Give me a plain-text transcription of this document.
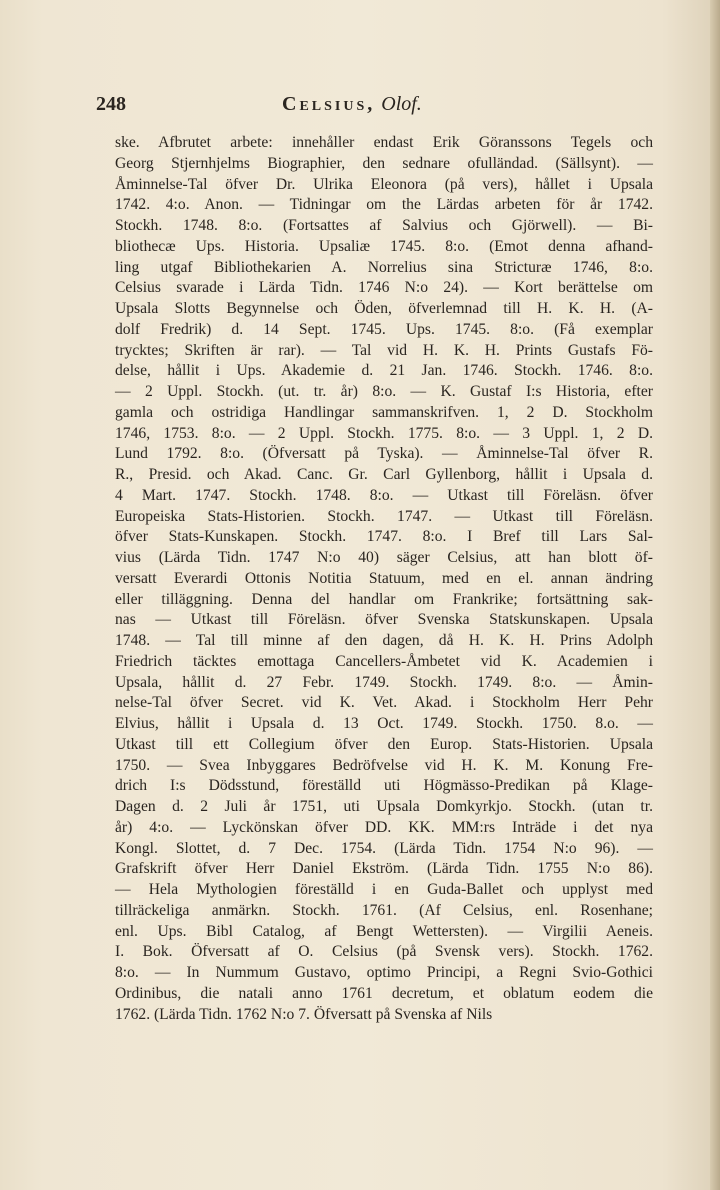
248	Celsius, Olof.
ske. Afbrutet arbete: innehåller endast Erik Göranssons Tegels och
Georg Stjernhjelms Biographier, den sednare ofulländad. (Sällsynt). —
Åminnelse-Tal öfver Dr. Ulrika Eleonora (på vers), hållet i Upsala
1742. 4:o. Anon. — Tidningar om the Lärdas arbeten för år 1742.
Stockh. 1748. 8:o. (Fortsattes af Salvius och Gjörwell). — Bi-
bliothecæ Ups. Historia. Upsaliæ 1745. 8:o. (Emot denna afhand-
ling utgaf Bibliothekarien A. Norrelius sina Stricturæ 1746, 8:o.
Celsius svarade i Lärda Tidn. 1746 N:o 24). — Kort berättelse om
Upsala Slotts Begynnelse och Öden, öfverlemnad till H. K. H. (A-
dolf Fredrik) d. 14 Sept. 1745. Ups. 1745. 8:o. (Få exemplar
trycktes; Skriften är rar). — Tal vid H. K. H. Prints Gustafs Fö-
delse, hållit i Ups. Akademie d. 21 Jan. 1746. Stockh. 1746. 8:o.
— 2 Uppl. Stockh. (ut. tr. år) 8:o. — K. Gustaf I:s Historia, efter
gamla och ostridiga Handlingar sammanskrifven. 1, 2 D. Stockholm
1746, 1753. 8:o. — 2 Uppl. Stockh. 1775. 8:o. — 3 Uppl. 1, 2 D.
Lund 1792. 8:o. (Öfversatt på Tyska). — Åminnelse-Tal öfver R.
R., Presid. och Akad. Canc. Gr. Carl Gyllenborg, hållit i Upsala d.
4 Mart. 1747. Stockh. 1748. 8:o. — Utkast till Föreläsn. öfver
Europeiska Stats-Historien. Stockh. 1747. — Utkast till Föreläsn.
öfver Stats-Kunskapen. Stockh. 1747. 8:o. I Bref till Lars Sal-
vius (Lärda Tidn. 1747 N:o 40) säger Celsius, att han blott öf-
versatt Everardi Ottonis Notitia Statuum, med en el. annan ändring
eller tilläggning. Denna del handlar om Frankrike; fortsättning sak-
nas — Utkast till Föreläsn. öfver Svenska Statskunskapen. Upsala
1748. — Tal till minne af den dagen, då H. K. H. Prins Adolph
Friedrich täcktes emottaga Cancellers-Åmbetet vid K. Academien i
Upsala, hållit d. 27 Febr. 1749. Stockh. 1749. 8:o. — Åmin-
nelse-Tal öfver Secret. vid K. Vet. Akad. i Stockholm Herr Pehr
Elvius, hållit i Upsala d. 13 Oct. 1749. Stockh. 1750. 8.o. —
Utkast till ett Collegium öfver den Europ. Stats-Historien. Upsala
1750. — Svea Inbyggares Bedröfvelse vid H. K. M. Konung Fre-
drich I:s Dödsstund, föreställd uti Högmässo-Predikan på Klage-
Dagen d. 2 Juli år 1751, uti Upsala Domkyrkjo. Stockh. (utan tr.
år) 4:o. — Lyckönskan öfver DD. KK. MM:rs Inträde i det nya
Kongl. Slottet, d. 7 Dec. 1754. (Lärda Tidn. 1754 N:o 96). —
Grafskrift öfver Herr Daniel Ekström. (Lärda Tidn. 1755 N:o 86).
— Hela Mythologien föreställd i en Guda-Ballet och upplyst med
tillräckeliga anmärkn. Stockh. 1761. (Af Celsius, enl. Rosenhane;
enl. Ups. Bibl Catalog, af Bengt Wettersten). — Virgilii Aeneis.
I. Bok. Öfversatt af O. Celsius (på Svensk vers). Stockh. 1762.
8:o. — In Nummum Gustavo, optimo Principi, a Regni Svio-Gothici
Ordinibus, die natali anno 1761 decretum, et oblatum eodem die
1762. (Lärda Tidn. 1762 N:o 7. Öfversatt på Svenska af Nils
